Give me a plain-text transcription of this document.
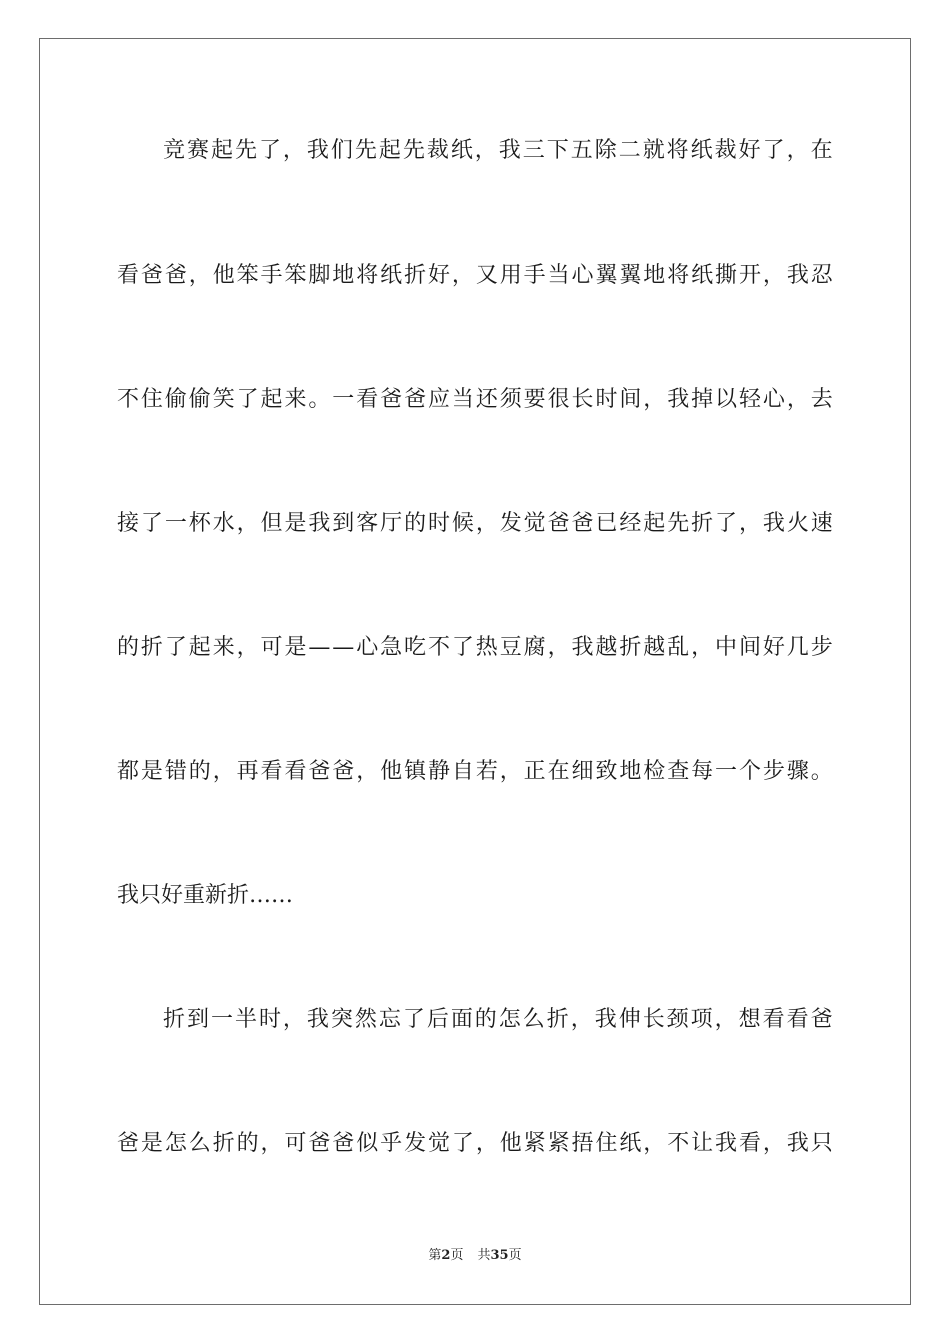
竞 赛 起 先 了 ， 我 们 先 起 先 裁 纸 ， 我 三 下 五 除 二 就 将 纸 裁 好 了 ， 在
看 爸 爸 ， 他 笨 手 笨 脚 地 将 纸 折 好 ， 又 用 手 当 心 翼 翼 地 将 纸 撕 开 ， 我 忍
不 住 偷 偷 笑 了 起 来 。 一 看 爸 爸 应 当 还 须 要 很 长 时 间 ， 我 掉 以 轻 心 ， 去
接 了 一 杯 水 ， 但 是 我 到 客 厅 的 时 候 ， 发 觉 爸 爸 已 经 起 先 折 了 ， 我 火 速
的 折 了 起 来 ， 可 是 — — 心 急 吃 不 了 热 豆 腐 ， 我 越 折 越 乱 ， 中 间 好 几 步
都 是 错 的 ， 再 看 看 爸 爸 ， 他 镇 静 自 若 ， 正 在 细 致 地 检 查 每 一 个 步 骤 。
我只好重新折……
折 到 一 半 时 ， 我 突 然 忘 了 后 面 的 怎 么 折 ， 我 伸 长 颈 项 ， 想 看 看 爸
爸 是 怎 么 折 的 ， 可 爸 爸 似 乎 发 觉 了 ， 他 紧 紧 捂 住 纸 ， 不 让 我 看 ， 我 只
第2页 共35页
